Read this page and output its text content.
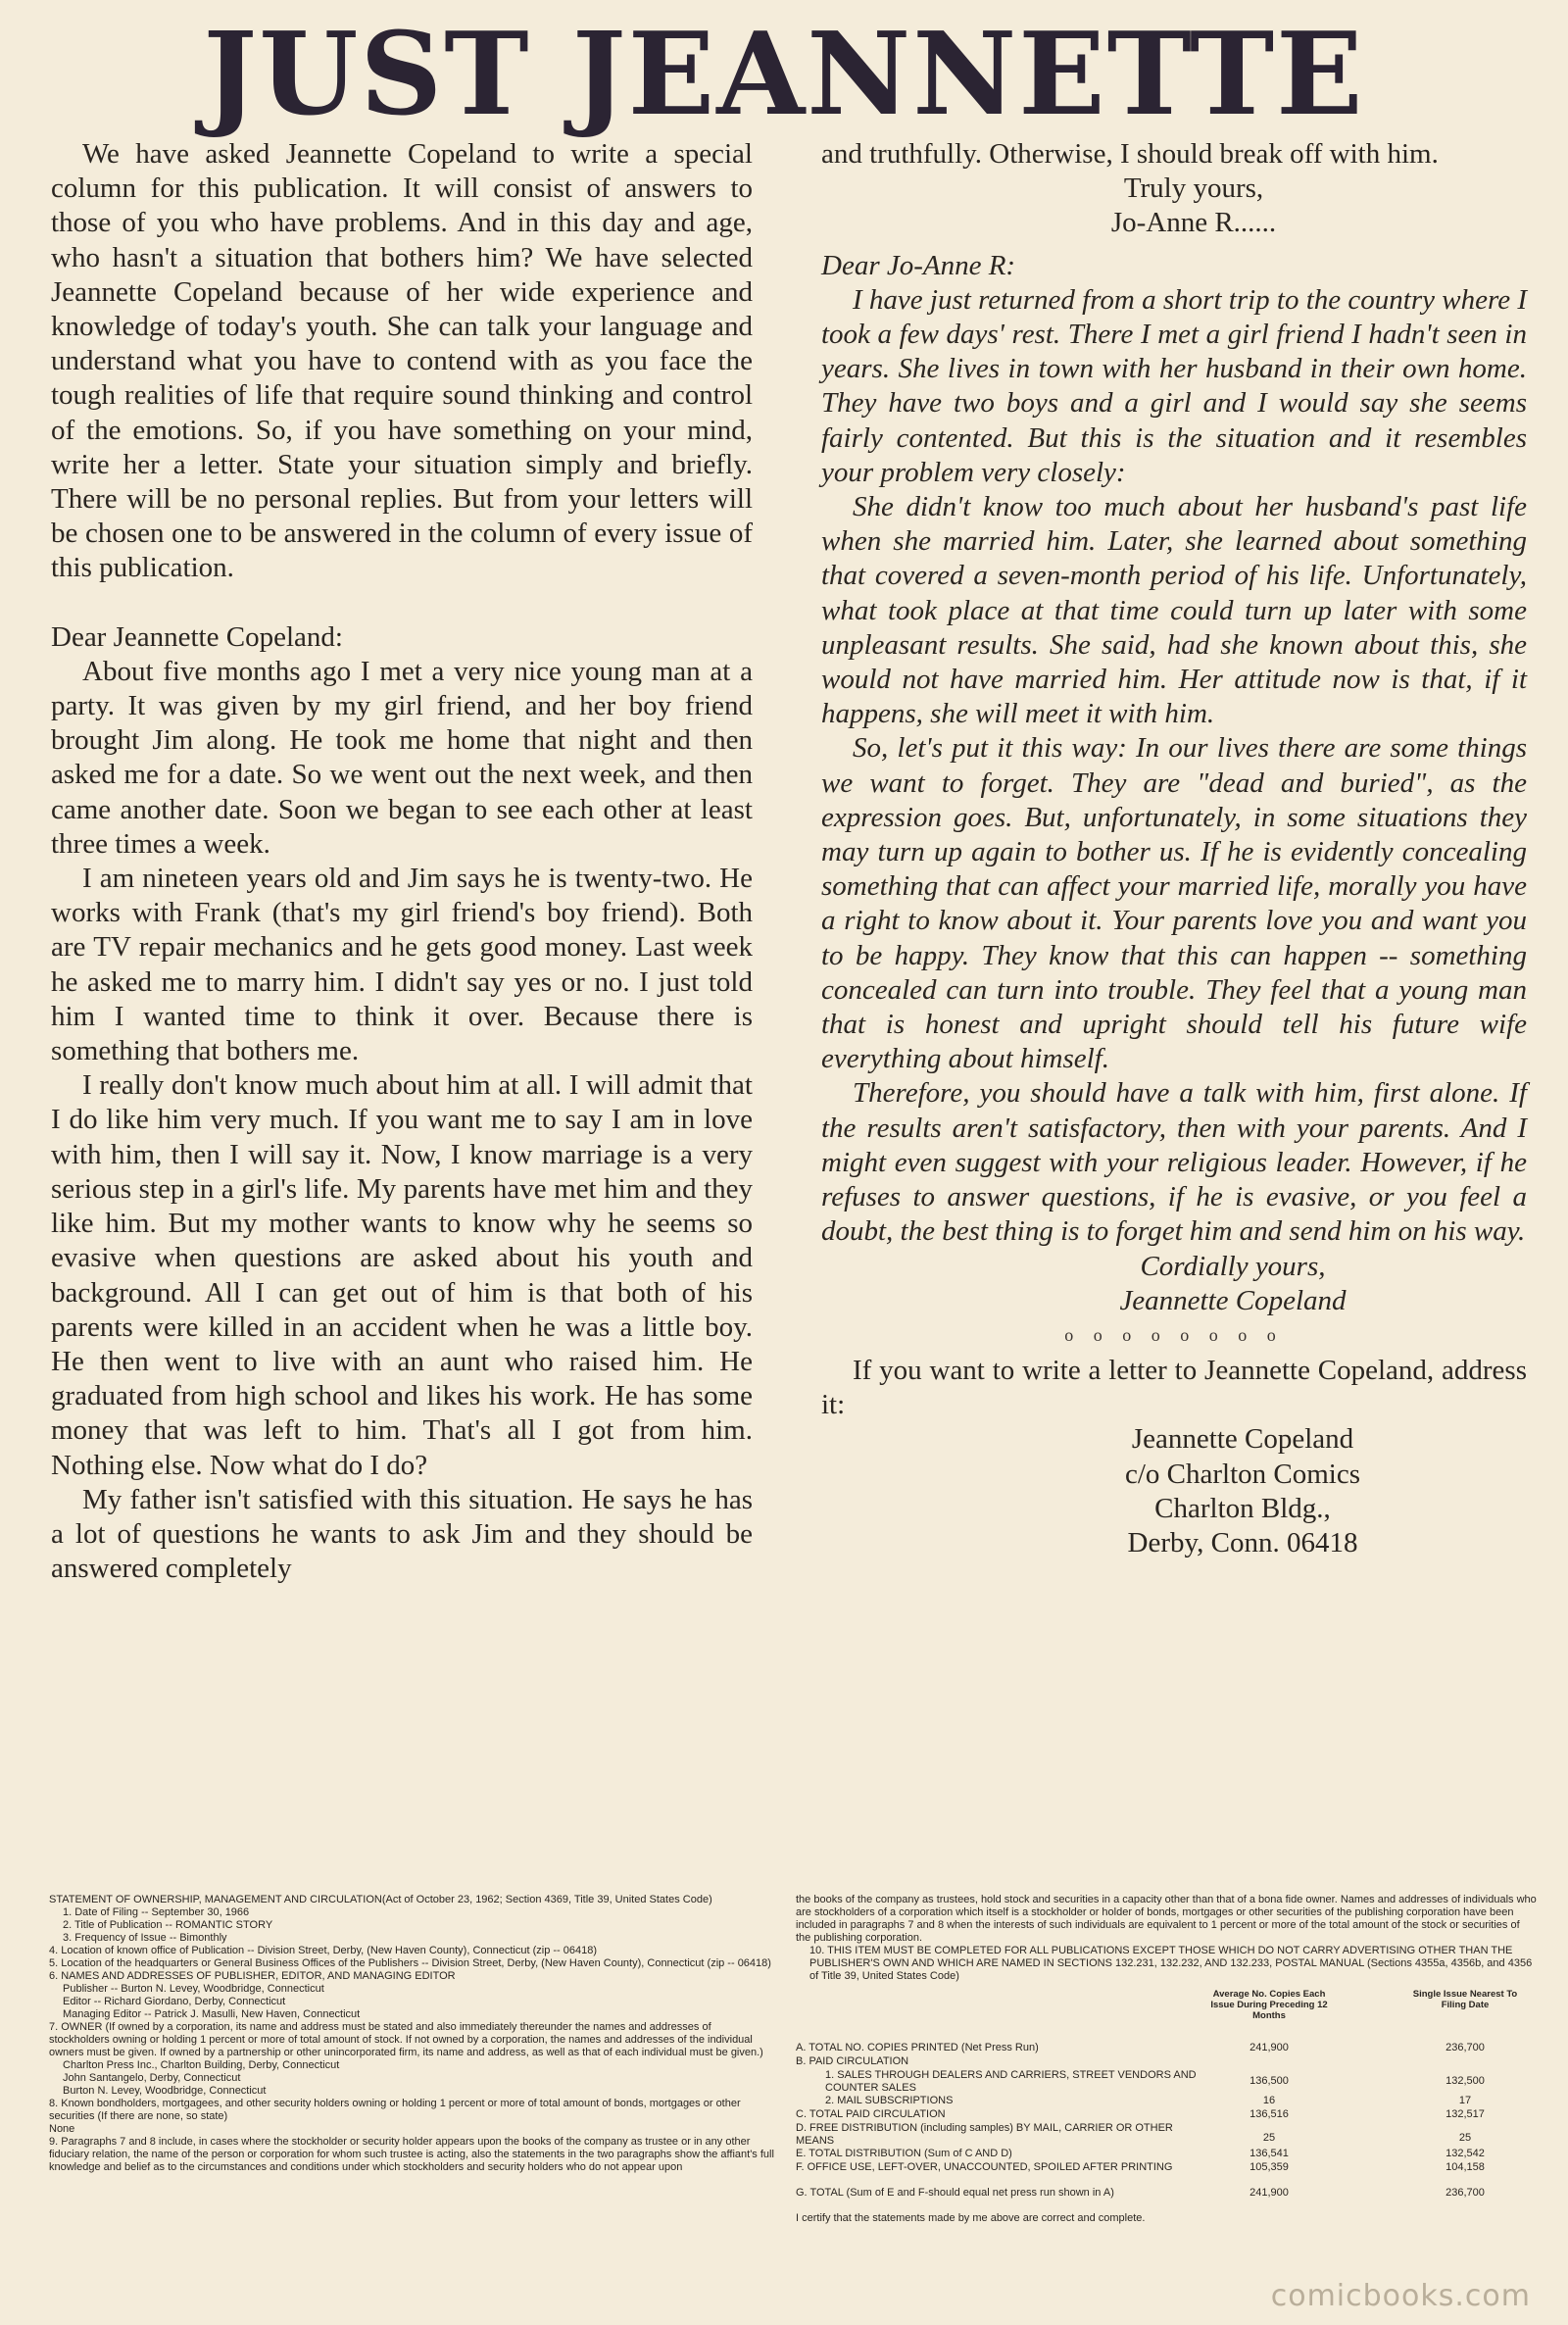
JUST JEANNETTE

We have asked Jeannette Copeland to write a special column for this publication. It will consist of answers to those of you who have problems. And in this day and age, who hasn't a situation that bothers him? We have selected Jeannette Copeland because of her wide experience and knowledge of today's youth. She can talk your language and understand what you have to contend with as you face the tough realities of life that require sound thinking and control of the emotions. So, if you have something on your mind, write her a letter. State your situation simply and briefly. There will be no personal replies. But from your letters will be chosen one to be answered in the column of every issue of this publication.

Dear Jeannette Copeland:

About five months ago I met a very nice young man at a party. It was given by my girl friend, and her boy friend brought Jim along. He took me home that night and then asked me for a date. So we went out the next week, and then came another date. Soon we began to see each other at least three times a week.

I am nineteen years old and Jim says he is twenty-two. He works with Frank (that's my girl friend's boy friend). Both are TV repair mechanics and he gets good money. Last week he asked me to marry him. I didn't say yes or no. I just told him I wanted time to think it over. Because there is something that bothers me.

I really don't know much about him at all. I will admit that I do like him very much. If you want me to say I am in love with him, then I will say it. Now, I know marriage is a very serious step in a girl's life. My parents have met him and they like him. But my mother wants to know why he seems so evasive when questions are asked about his youth and background. All I can get out of him is that both of his parents were killed in an accident when he was a little boy. He then went to live with an aunt who raised him. He graduated from high school and likes his work. He has some money that was left to him. That's all I got from him. Nothing else. Now what do I do?

My father isn't satisfied with this situation. He says he has a lot of questions he wants to ask Jim and they should be answered completely

and truthfully. Otherwise, I should break off with him.

Truly yours,

Jo-Anne R......

Dear Jo-Anne R:

I have just returned from a short trip to the country where I took a few days' rest. There I met a girl friend I hadn't seen in years. She lives in town with her husband in their own home. They have two boys and a girl and I would say she seems fairly contented. But this is the situation and it resembles your problem very closely:

She didn't know too much about her husband's past life when she married him. Later, she learned about something that covered a seven-month period of his life. Unfortunately, what took place at that time could turn up later with some unpleasant results. She said, had she known about this, she would not have married him. Her attitude now is that, if it happens, she will meet it with him.

So, let's put it this way: In our lives there are some things we want to forget. They are "dead and buried", as the expression goes. But, unfortunately, in some situations they may turn up again to bother us. If he is evidently concealing something that can affect your married life, morally you have a right to know about it. Your parents love you and want you to be happy. They know that this can happen -- something concealed can turn into trouble. They feel that a young man that is honest and upright should tell his future wife everything about himself.

Therefore, you should have a talk with him, first alone. If the results aren't satisfactory, then with your parents. And I might even suggest with your religious leader. However, if he refuses to answer questions, if he is evasive, or you feel a doubt, the best thing is to forget him and send him on his way.

Cordially yours,

Jeannette Copeland

o o o o o o o o

If you want to write a letter to Jeannette Copeland, address it:

Jeannette Copeland

c/o Charlton Comics

Charlton Bldg.,

Derby, Conn. 06418

STATEMENT OF OWNERSHIP, MANAGEMENT AND CIRCULATION(Act of October 23, 1962; Section 4369, Title 39, United States Code)

1. Date of Filing -- September 30, 1966

2. Title of Publication -- ROMANTIC STORY

3. Frequency of Issue -- Bimonthly

4. Location of known office of Publication -- Division Street, Derby, (New Haven County), Connecticut (zip -- 06418)

5. Location of the headquarters or General Business Offices of the Publishers -- Division Street, Derby, (New Haven County), Connecticut (zip -- 06418)

6. NAMES AND ADDRESSES OF PUBLISHER, EDITOR, AND MANAGING EDITOR

Publisher -- Burton N. Levey, Woodbridge, Connecticut

Editor -- Richard Giordano, Derby, Connecticut

Managing Editor -- Patrick J. Masulli, New Haven, Connecticut

7. OWNER (If owned by a corporation, its name and address must be stated and also immediately thereunder the names and addresses of stockholders owning or holding 1 percent or more of total amount of stock. If not owned by a corporation, the names and addresses of the individual owners must be given. If owned by a partnership or other unincorporated firm, its name and address, as well as that of each individual must be given.)

Charlton Press Inc., Charlton Building, Derby, Connecticut

John Santangelo, Derby, Connecticut

Burton N. Levey, Woodbridge, Connecticut

8. Known bondholders, mortgagees, and other security holders owning or holding 1 percent or more of total amount of bonds, mortgages or other securities (If there are none, so state)

None

9. Paragraphs 7 and 8 include, in cases where the stockholder or security holder appears upon the books of the company as trustee or in any other fiduciary relation, the name of the person or corporation for whom such trustee is acting, also the statements in the two paragraphs show the affiant's full knowledge and belief as to the circumstances and conditions under which stockholders and security holders who do not appear upon

the books of the company as trustees, hold stock and securities in a capacity other than that of a bona fide owner. Names and addresses of individuals who are stockholders of a corporation which itself is a stockholder or holder of bonds, mortgages or other securities of the publishing corporation have been included in paragraphs 7 and 8 when the interests of such individuals are equivalent to 1 percent or more of the total amount of the stock or securities of the publishing corporation.

10. THIS ITEM MUST BE COMPLETED FOR ALL PUBLICATIONS EXCEPT THOSE WHICH DO NOT CARRY ADVERTISING OTHER THAN THE PUBLISHER'S OWN AND WHICH ARE NAMED IN SECTIONS 132.231, 132.232, AND 132.233, POSTAL MANUAL (Sections 4355a, 4356b, and 4356 of Title 39, United States Code)

Average No. Copies Each Issue During Preceding 12 Months
Single Issue Nearest To Filing Date
A. TOTAL NO. COPIES PRINTED (Net Press Run)	241,900	236,700
B. PAID CIRCULATION
1. SALES THROUGH DEALERS AND CARRIERS, STREET VENDORS AND COUNTER SALES
136,500	132,500
2. MAIL SUBSCRIPTIONS	16	17
C. TOTAL PAID CIRCULATION	136,516	132,517
D. FREE DISTRIBUTION (including samples) BY MAIL, CARRIER OR OTHER MEANS	25	25
E. TOTAL DISTRIBUTION (Sum of C AND D)	136,541	132,542
F. OFFICE USE, LEFT-OVER, UNACCOUNTED, SPOILED AFTER PRINTING	105,359	104,158
G. TOTAL (Sum of E and F-should equal net press run shown in A)	241,900	236,700

I certify that the statements made by me above are correct and complete.

comicbooks.com
